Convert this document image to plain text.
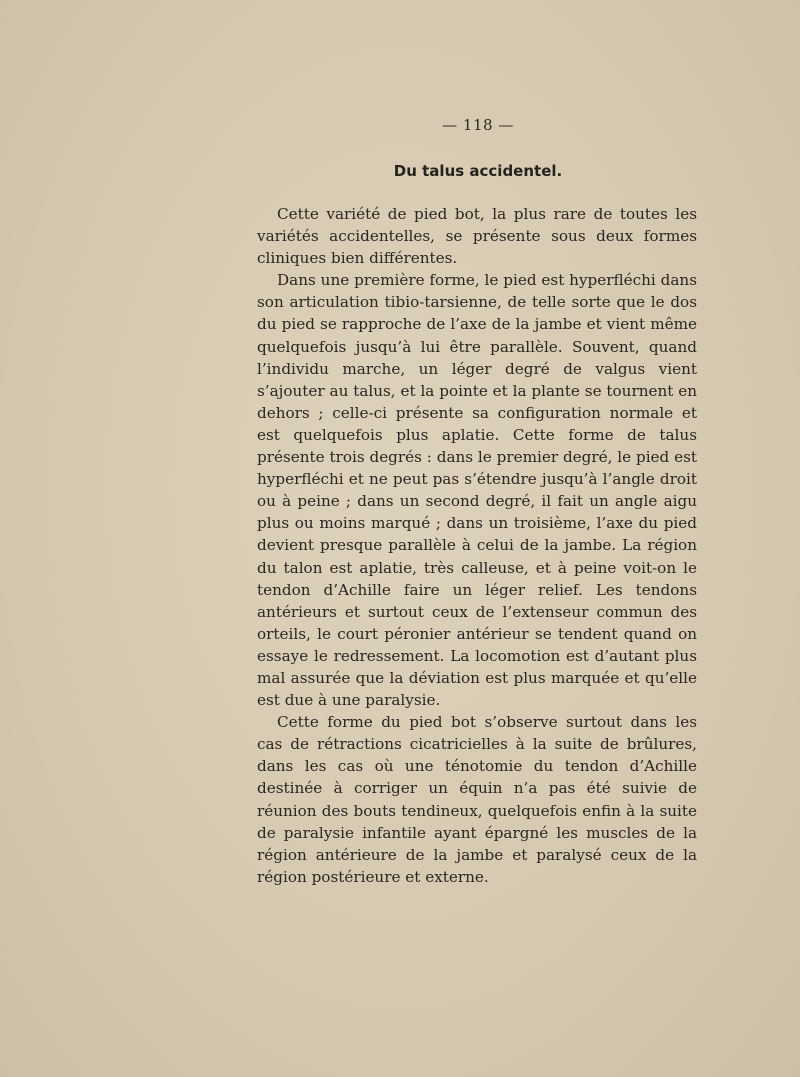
— 118 —
Du talus accidentel.

Cette variété de pied bot, la plus rare de toutes les variétés accidentelles, se présente sous deux formes cliniques bien différentes.

Dans une première forme, le pied est hyperfléchi dans son articulation tibio-tarsienne, de telle sorte que le dos du pied se rapproche de l’axe de la jambe et vient même quelquefois jusqu’à lui être parallèle. Souvent, quand l’individu marche, un léger degré de valgus vient s’ajouter au talus, et la pointe et la plante se tournent en dehors ; celle-ci présente sa configuration normale et est quelquefois plus aplatie. Cette forme de talus présente trois degrés : dans le premier degré, le pied est hyperfléchi et ne peut pas s’étendre jusqu’à l’angle droit ou à peine ; dans un second degré, il fait un angle aigu plus ou moins marqué ; dans un troisième, l’axe du pied devient presque parallèle à celui de la jambe. La région du talon est aplatie, très calleuse, et à peine voit-on le tendon d’Achille faire un léger relief. Les tendons antérieurs et surtout ceux de l’extenseur commun des orteils, le court péronier antérieur se tendent quand on essaye le redressement. La locomotion est d’autant plus mal assurée que la déviation est plus marquée et qu’elle est due à une paralysie.

Cette forme du pied bot s’observe surtout dans les cas de rétractions cicatricielles à la suite de brûlures, dans les cas où une ténotomie du tendon d’Achille destinée à corriger un équin n’a pas été suivie de réunion des bouts tendineux, quelquefois enfin à la suite de paralysie infantile ayant épargné les muscles de la région antérieure de la jambe et paralysé ceux de la région postérieure et externe.
